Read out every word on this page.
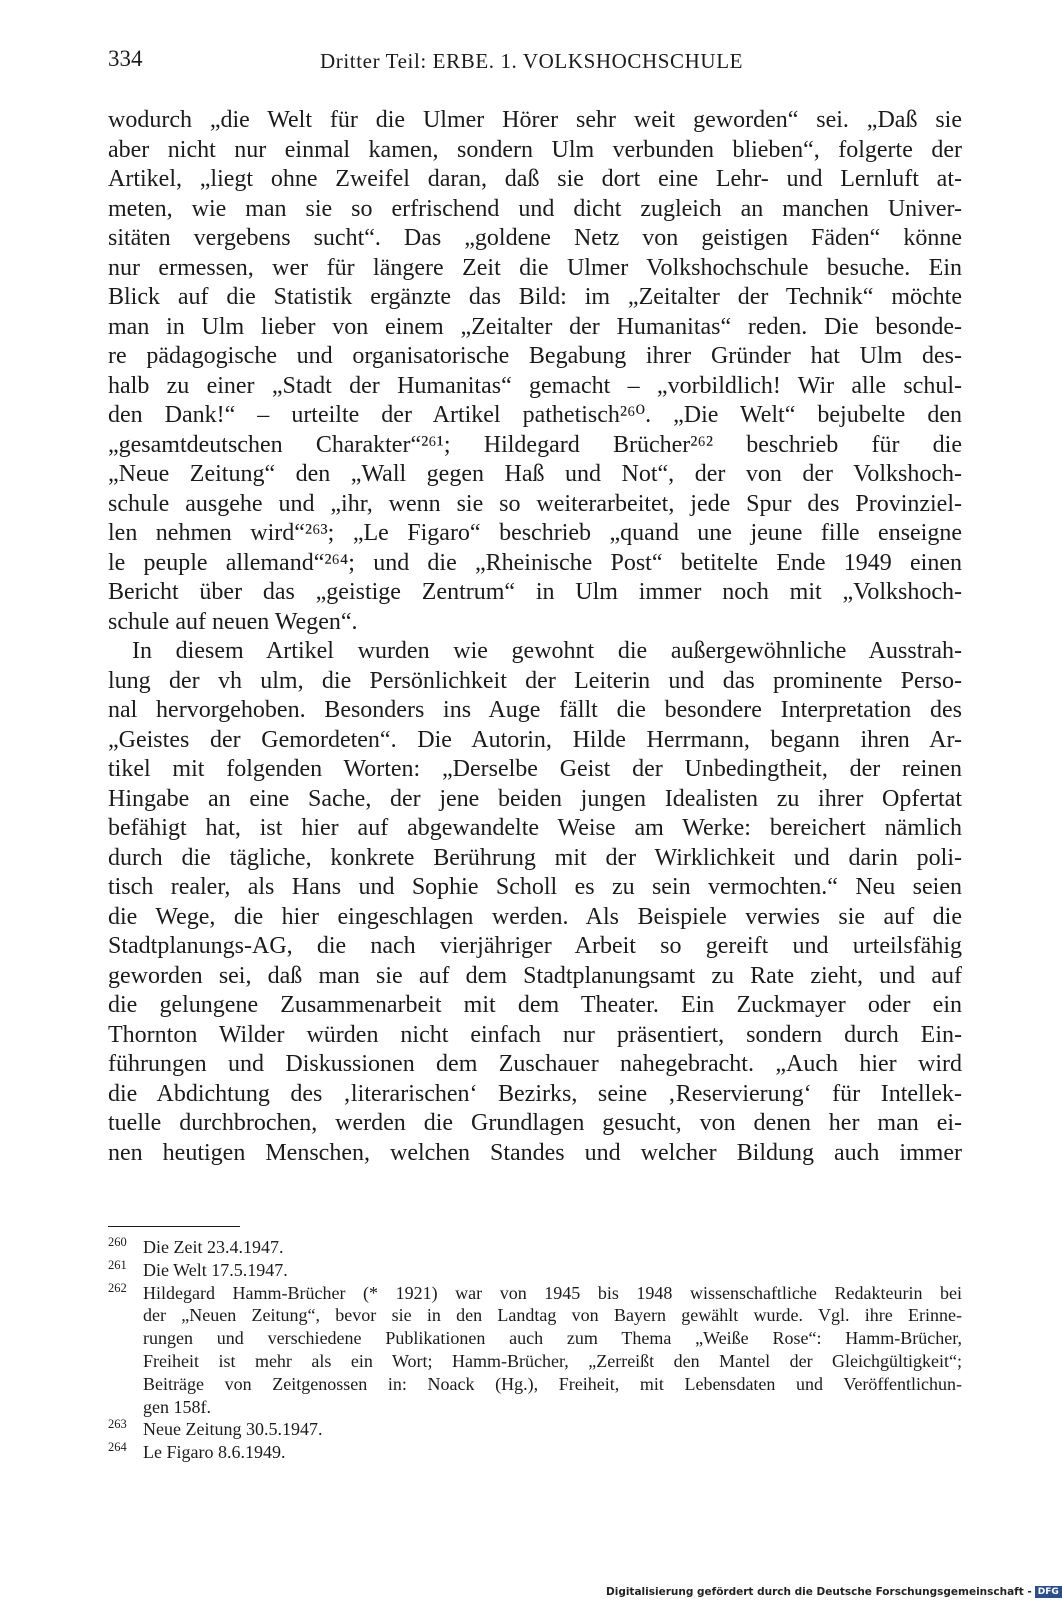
334	Dritter Teil: ERBE. 1. VOLKSHOCHSCHULE
wodurch „die Welt für die Ulmer Hörer sehr weit geworden“ sei. „Daß sie
aber nicht nur einmal kamen, sondern Ulm verbunden blieben“, folgerte der
Artikel, „liegt ohne Zweifel daran, daß sie dort eine Lehr- und Lernluft at-
meten, wie man sie so erfrischend und dicht zugleich an manchen Univer-
sitäten vergebens sucht“. Das „goldene Netz von geistigen Fäden“ könne
nur ermessen, wer für längere Zeit die Ulmer Volkshochschule besuche. Ein
Blick auf die Statistik ergänzte das Bild: im „Zeitalter der Technik“ möchte
man in Ulm lieber von einem „Zeitalter der Humanitas“ reden. Die besonde-
re pädagogische und organisatorische Begabung ihrer Gründer hat Ulm des-
halb zu einer „Stadt der Humanitas“ gemacht – „vorbildlich! Wir alle schul-
den Dank!“ – urteilte der Artikel pathetisch²⁶⁰. „Die Welt“ bejubelte den
„gesamtdeutschen Charakter“²⁶¹; Hildegard Brücher²⁶² beschrieb für die
„Neue Zeitung“ den „Wall gegen Haß und Not“, der von der Volkshoch-
schule ausgehe und „ihr, wenn sie so weiterarbeitet, jede Spur des Provinziel-
len nehmen wird“²⁶³; „Le Figaro“ beschrieb „quand une jeune fille enseigne
le peuple allemand“²⁶⁴; und die „Rheinische Post“ betitelte Ende 1949 einen
Bericht über das „geistige Zentrum“ in Ulm immer noch mit „Volkshoch-
schule auf neuen Wegen“.
In diesem Artikel wurden wie gewohnt die außergewöhnliche Ausstrah-
lung der vh ulm, die Persönlichkeit der Leiterin und das prominente Perso-
nal hervorgehoben. Besonders ins Auge fällt die besondere Interpretation des
„Geistes der Gemordeten“. Die Autorin, Hilde Herrmann, begann ihren Ar-
tikel mit folgenden Worten: „Derselbe Geist der Unbedingtheit, der reinen
Hingabe an eine Sache, der jene beiden jungen Idealisten zu ihrer Opfertat
befähigt hat, ist hier auf abgewandelte Weise am Werke: bereichert nämlich
durch die tägliche, konkrete Berührung mit der Wirklichkeit und darin poli-
tisch realer, als Hans und Sophie Scholl es zu sein vermochten.“ Neu seien
die Wege, die hier eingeschlagen werden. Als Beispiele verwies sie auf die
Stadtplanungs-AG, die nach vierjähriger Arbeit so gereift und urteilsfähig
geworden sei, daß man sie auf dem Stadtplanungsamt zu Rate zieht, und auf
die gelungene Zusammenarbeit mit dem Theater. Ein Zuckmayer oder ein
Thornton Wilder würden nicht einfach nur präsentiert, sondern durch Ein-
führungen und Diskussionen dem Zuschauer nahegebracht. „Auch hier wird
die Abdichtung des ‚literarischen‘ Bezirks, seine ‚Reservierung‘ für Intellek-
tuelle durchbrochen, werden die Grundlagen gesucht, von denen her man ei-
nen heutigen Menschen, welchen Standes und welcher Bildung auch immer
260 Die Zeit 23.4.1947.
261 Die Welt 17.5.1947.
262 Hildegard Hamm-Brücher (* 1921) war von 1945 bis 1948 wissenschaftliche Redakteurin bei
der „Neuen Zeitung“, bevor sie in den Landtag von Bayern gewählt wurde. Vgl. ihre Erinne-
rungen und verschiedene Publikationen auch zum Thema „Weiße Rose“: Hamm-Brücher,
Freiheit ist mehr als ein Wort; Hamm-Brücher, „Zerreißt den Mantel der Gleichgültigkeit“;
Beiträge von Zeitgenossen in: Noack (Hg.), Freiheit, mit Lebensdaten und Veröffentlichun-
gen 158f.
263 Neue Zeitung 30.5.1947.
264 Le Figaro 8.6.1949.
Digitalisierung gefördert durch die Deutsche Forschungsgemeinschaft - DFG
